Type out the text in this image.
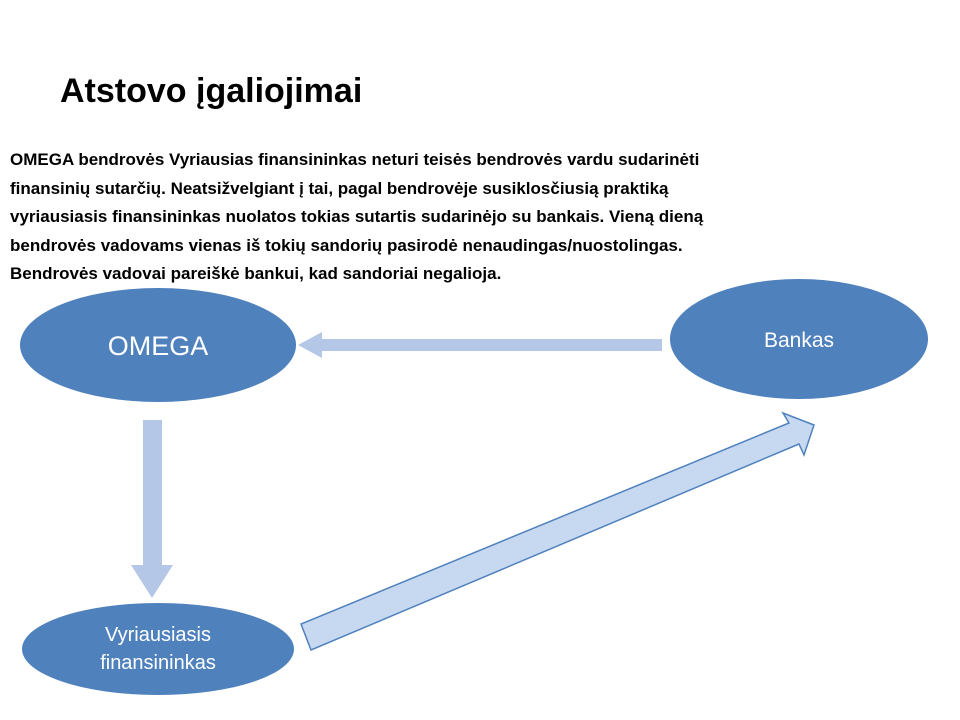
Atstovo įgaliojimai

OMEGA bendrovės Vyriausias finansininkas neturi teisės bendrovės vardu sudarinėti
finansinių sutarčių. Neatsižvelgiant į tai, pagal bendrovėje susiklosčiusią praktiką
vyriausiasis finansininkas nuolatos tokias sutartis sudarinėjo su bankais. Vieną dieną
bendrovės vadovams vienas iš tokių sandorių pasirodė nenaudingas/nuostolingas.
Bendrovės vadovai pareiškė bankui, kad sandoriai negalioja.

OMEGA	Bankas
Vyriausiasis
finansininkas
